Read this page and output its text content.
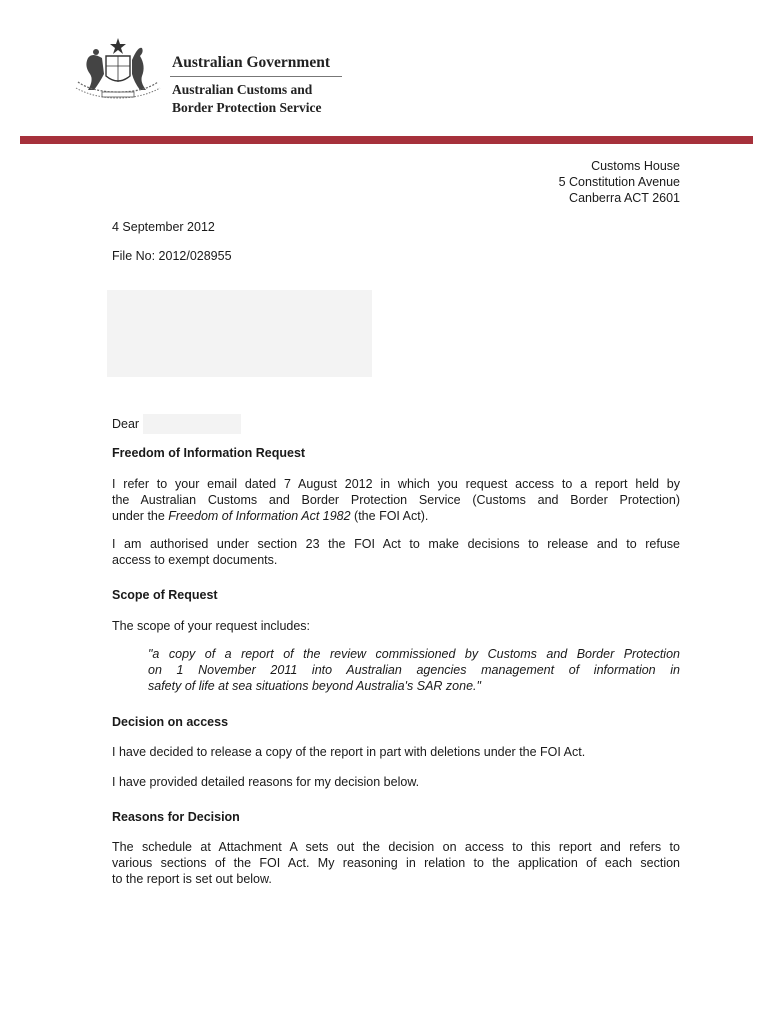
Australian Government
Australian Customs and
Border Protection Service
Customs House
5 Constitution Avenue
Canberra ACT 2601
4 September 2012
File No: 2012/028955
Dear
Freedom of Information Request
I refer to your email dated 7 August 2012 in which you request access to a report held by
the Australian Customs and Border Protection Service (Customs and Border Protection)
under the Freedom of Information Act 1982 (the FOI Act).
I am authorised under section 23 the FOI Act to make decisions to release and to refuse
access to exempt documents.
Scope of Request
The scope of your request includes:
"a copy of a report of the review commissioned by Customs and Border Protection
on 1 November 2011 into Australian agencies management of information in
safety of life at sea situations beyond Australia's SAR zone."
Decision on access
I have decided to release a copy of the report in part with deletions under the FOI Act.
I have provided detailed reasons for my decision below.
Reasons for Decision
The schedule at Attachment A sets out the decision on access to this report and refers to
various sections of the FOI Act. My reasoning in relation to the application of each section
to the report is set out below.
